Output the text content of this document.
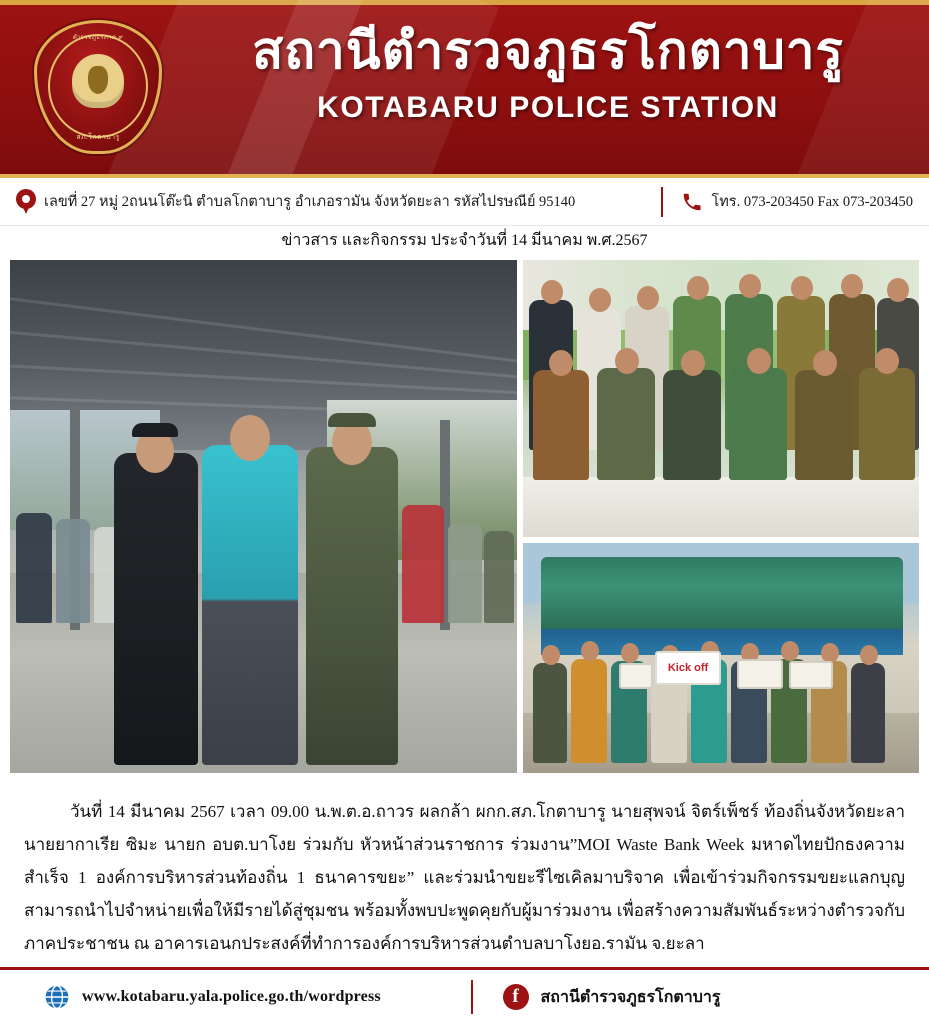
ตำรวจภูธรภาค ๙
สภ.โกตาบารู
สถานีตำรวจภูธรโกตาบารู
KOTABARU POLICE STATION
เลขที่ 27 หมู่ 2ถนนโต๊ะนิ ตำบลโกตาบารู อำเภอรามัน จังหวัดยะลา รหัสไปรษณีย์ 95140	โทร. 073-203450 Fax 073-203450
ข่าวสาร และกิจกรรม ประจำวันที่ 14 มีนาคม พ.ศ.2567
Kick off
วันที่ 14 มีนาคม 2567 เวลา 09.00 น.พ.ต.อ.ถาวร ผลกล้า ผกก.สภ.โกตาบารู นายสุพจน์ จิตร์เพ็ชร์ ท้องถิ่นจังหวัดยะลา นายยากาเรีย ซิมะ นายก อบต.บาโงย ร่วมกับ หัวหน้าส่วนราชการ ร่วมงาน”MOI Waste Bank Week มหาดไทยปักธงความสำเร็จ 1 องค์การบริหารส่วนท้องถิ่น 1 ธนาคารขยะ” และร่วมนำขยะรีไซเคิลมาบริจาค เพื่อเข้าร่วมกิจกรรมขยะแลกบุญสามารถนำไปจำหน่ายเพื่อให้มีรายได้สู่ชุมชน พร้อมทั้งพบปะพูดคุยกับผู้มาร่วมงาน เพื่อสร้างความสัมพันธ์ระหว่างตำรวจกับภาคประชาชน ณ อาคารเอนกประสงค์ที่ทำการองค์การบริหารส่วนตำบลบาโงยอ.รามัน จ.ยะลา
www.kotabaru.yala.police.go.th/wordpress	f	สถานีตำรวจภูธรโกตาบารู
